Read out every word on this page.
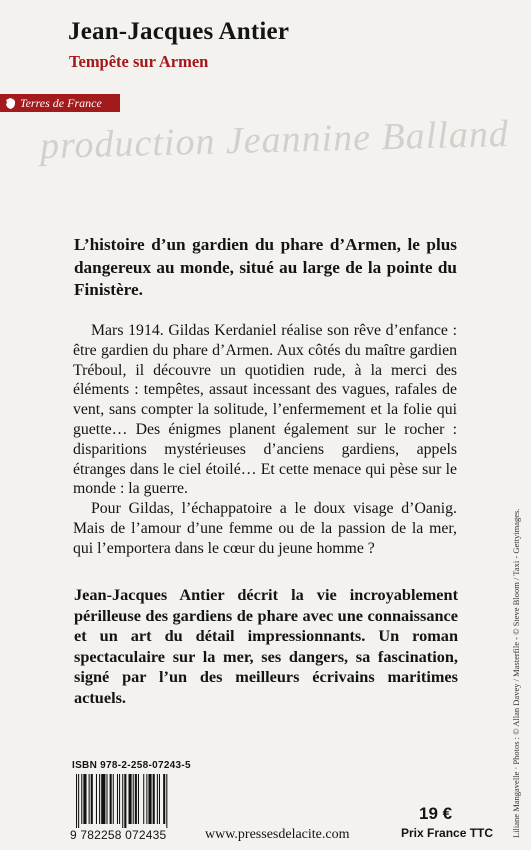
Jean-Jacques Antier
Tempête sur Armen
Terres de France
production Jeannine Balland

L’histoire d’un gardien du phare d’Armen, le plus dangereux au monde, situé au large de la pointe du Finistère.

Mars 1914. Gildas Kerdaniel réalise son rêve d’enfance : être gardien du phare d’Armen. Aux côtés du maître gardien Tréboul, il découvre un quotidien rude, à la merci des éléments : tempêtes, assaut incessant des vagues, rafales de vent, sans compter la solitude, l’enfermement et la folie qui guette… Des énigmes planent également sur le rocher : disparitions mystérieuses d’anciens gardiens, appels étranges dans le ciel étoilé… Et cette menace qui pèse sur le monde : la guerre.

Pour Gildas, l’échappatoire a le doux visage d’Oanig. Mais de l’amour d’une femme ou de la passion de la mer, qui l’emportera dans le cœur du jeune homme ?

Jean-Jacques Antier décrit la vie incroyablement périlleuse des gardiens de phare avec une connaissance et un art du détail impressionnants. Un roman spectaculaire sur la mer, ses dangers, sa fascination, signé par l’un des meilleurs écrivains maritimes actuels.	Liliane Mangavelle · Photos : © Allan Davey / Masterfile - © Steve Bloom / Taxi - Gettyimages.
ISBN 978-2-258-07243-5
9 782258 072435	www.pressesdelacite.com
19 €
Prix France TTC
